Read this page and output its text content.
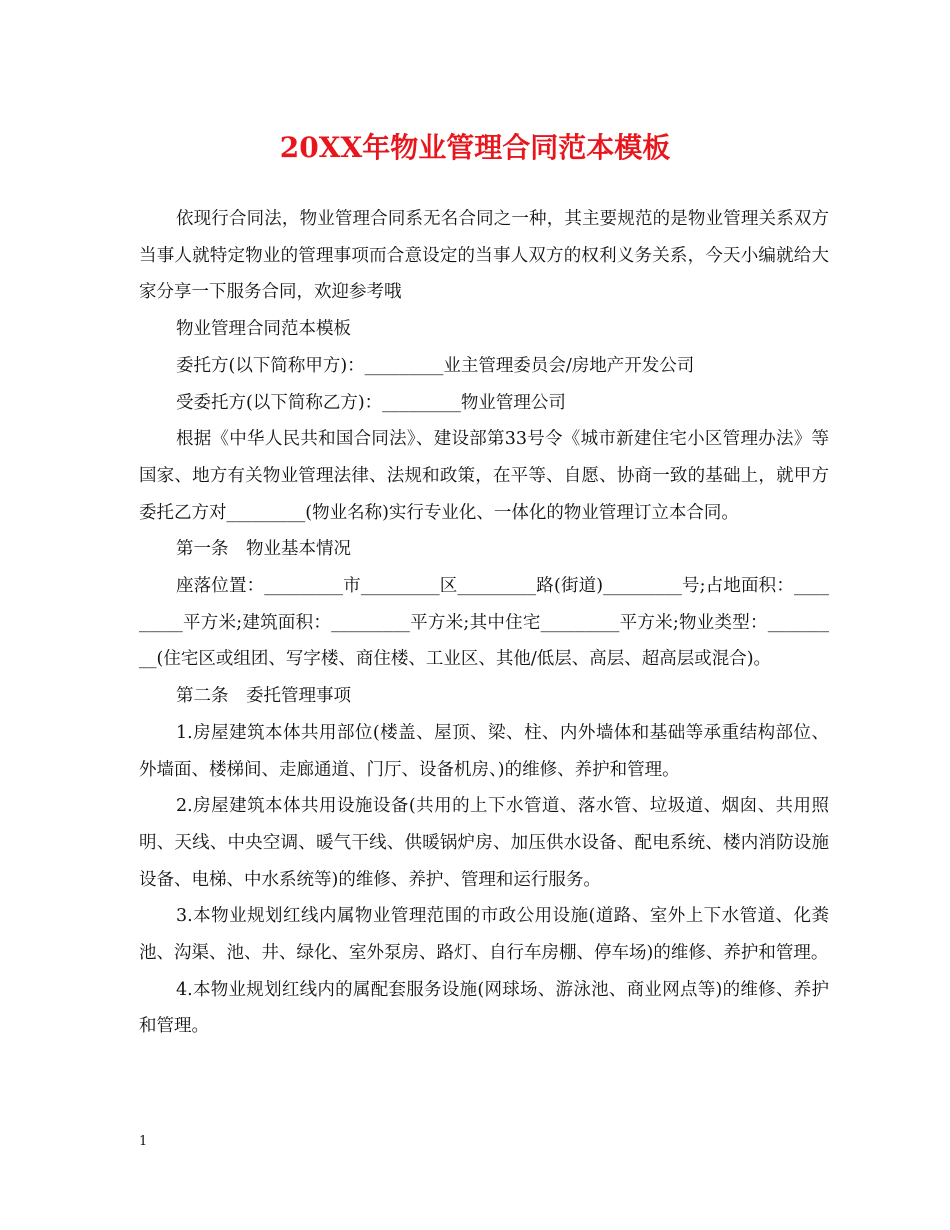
20XX年物业管理合同范本模板

依现行合同法，物业管理合同系无名合同之一种，其主要规范的是物业管理关系双方当事人就特定物业的管理事项而合意设定的当事人双方的权利义务关系，今天小编就给大家分享一下服务合同，欢迎参考哦

物业管理合同范本模板

委托方(以下简称甲方)：_________业主管理委员会/房地产开发公司

受委托方(以下简称乙方)：_________物业管理公司

根据《中华人民共和国合同法》、建设部第33号令《城市新建住宅小区管理办法》等国家、地方有关物业管理法律、法规和政策，在平等、自愿、协商一致的基础上，就甲方委托乙方对_________(物业名称)实行专业化、一体化的物业管理订立本合同。

第一条　物业基本情况

座落位置：_________市_________区_________路(街道)_________号;占地面积：_________平方米;建筑面积：_________平方米;其中住宅_________平方米;物业类型：_________(住宅区或组团、写字楼、商住楼、工业区、其他/低层、高层、超高层或混合)。

第二条　委托管理事项

1.房屋建筑本体共用部位(楼盖、屋顶、梁、柱、内外墙体和基础等承重结构部位、外墙面、楼梯间、走廊通道、门厅、设备机房、)的维修、养护和管理。

2.房屋建筑本体共用设施设备(共用的上下水管道、落水管、垃圾道、烟囱、共用照明、天线、中央空调、暖气干线、供暖锅炉房、加压供水设备、配电系统、楼内消防设施设备、电梯、中水系统等)的维修、养护、管理和运行服务。

3.本物业规划红线内属物业管理范围的市政公用设施(道路、室外上下水管道、化粪池、沟渠、池、井、绿化、室外泵房、路灯、自行车房棚、停车场)的维修、养护和管理。

4.本物业规划红线内的属配套服务设施(网球场、游泳池、商业网点等)的维修、养护和管理。

1
